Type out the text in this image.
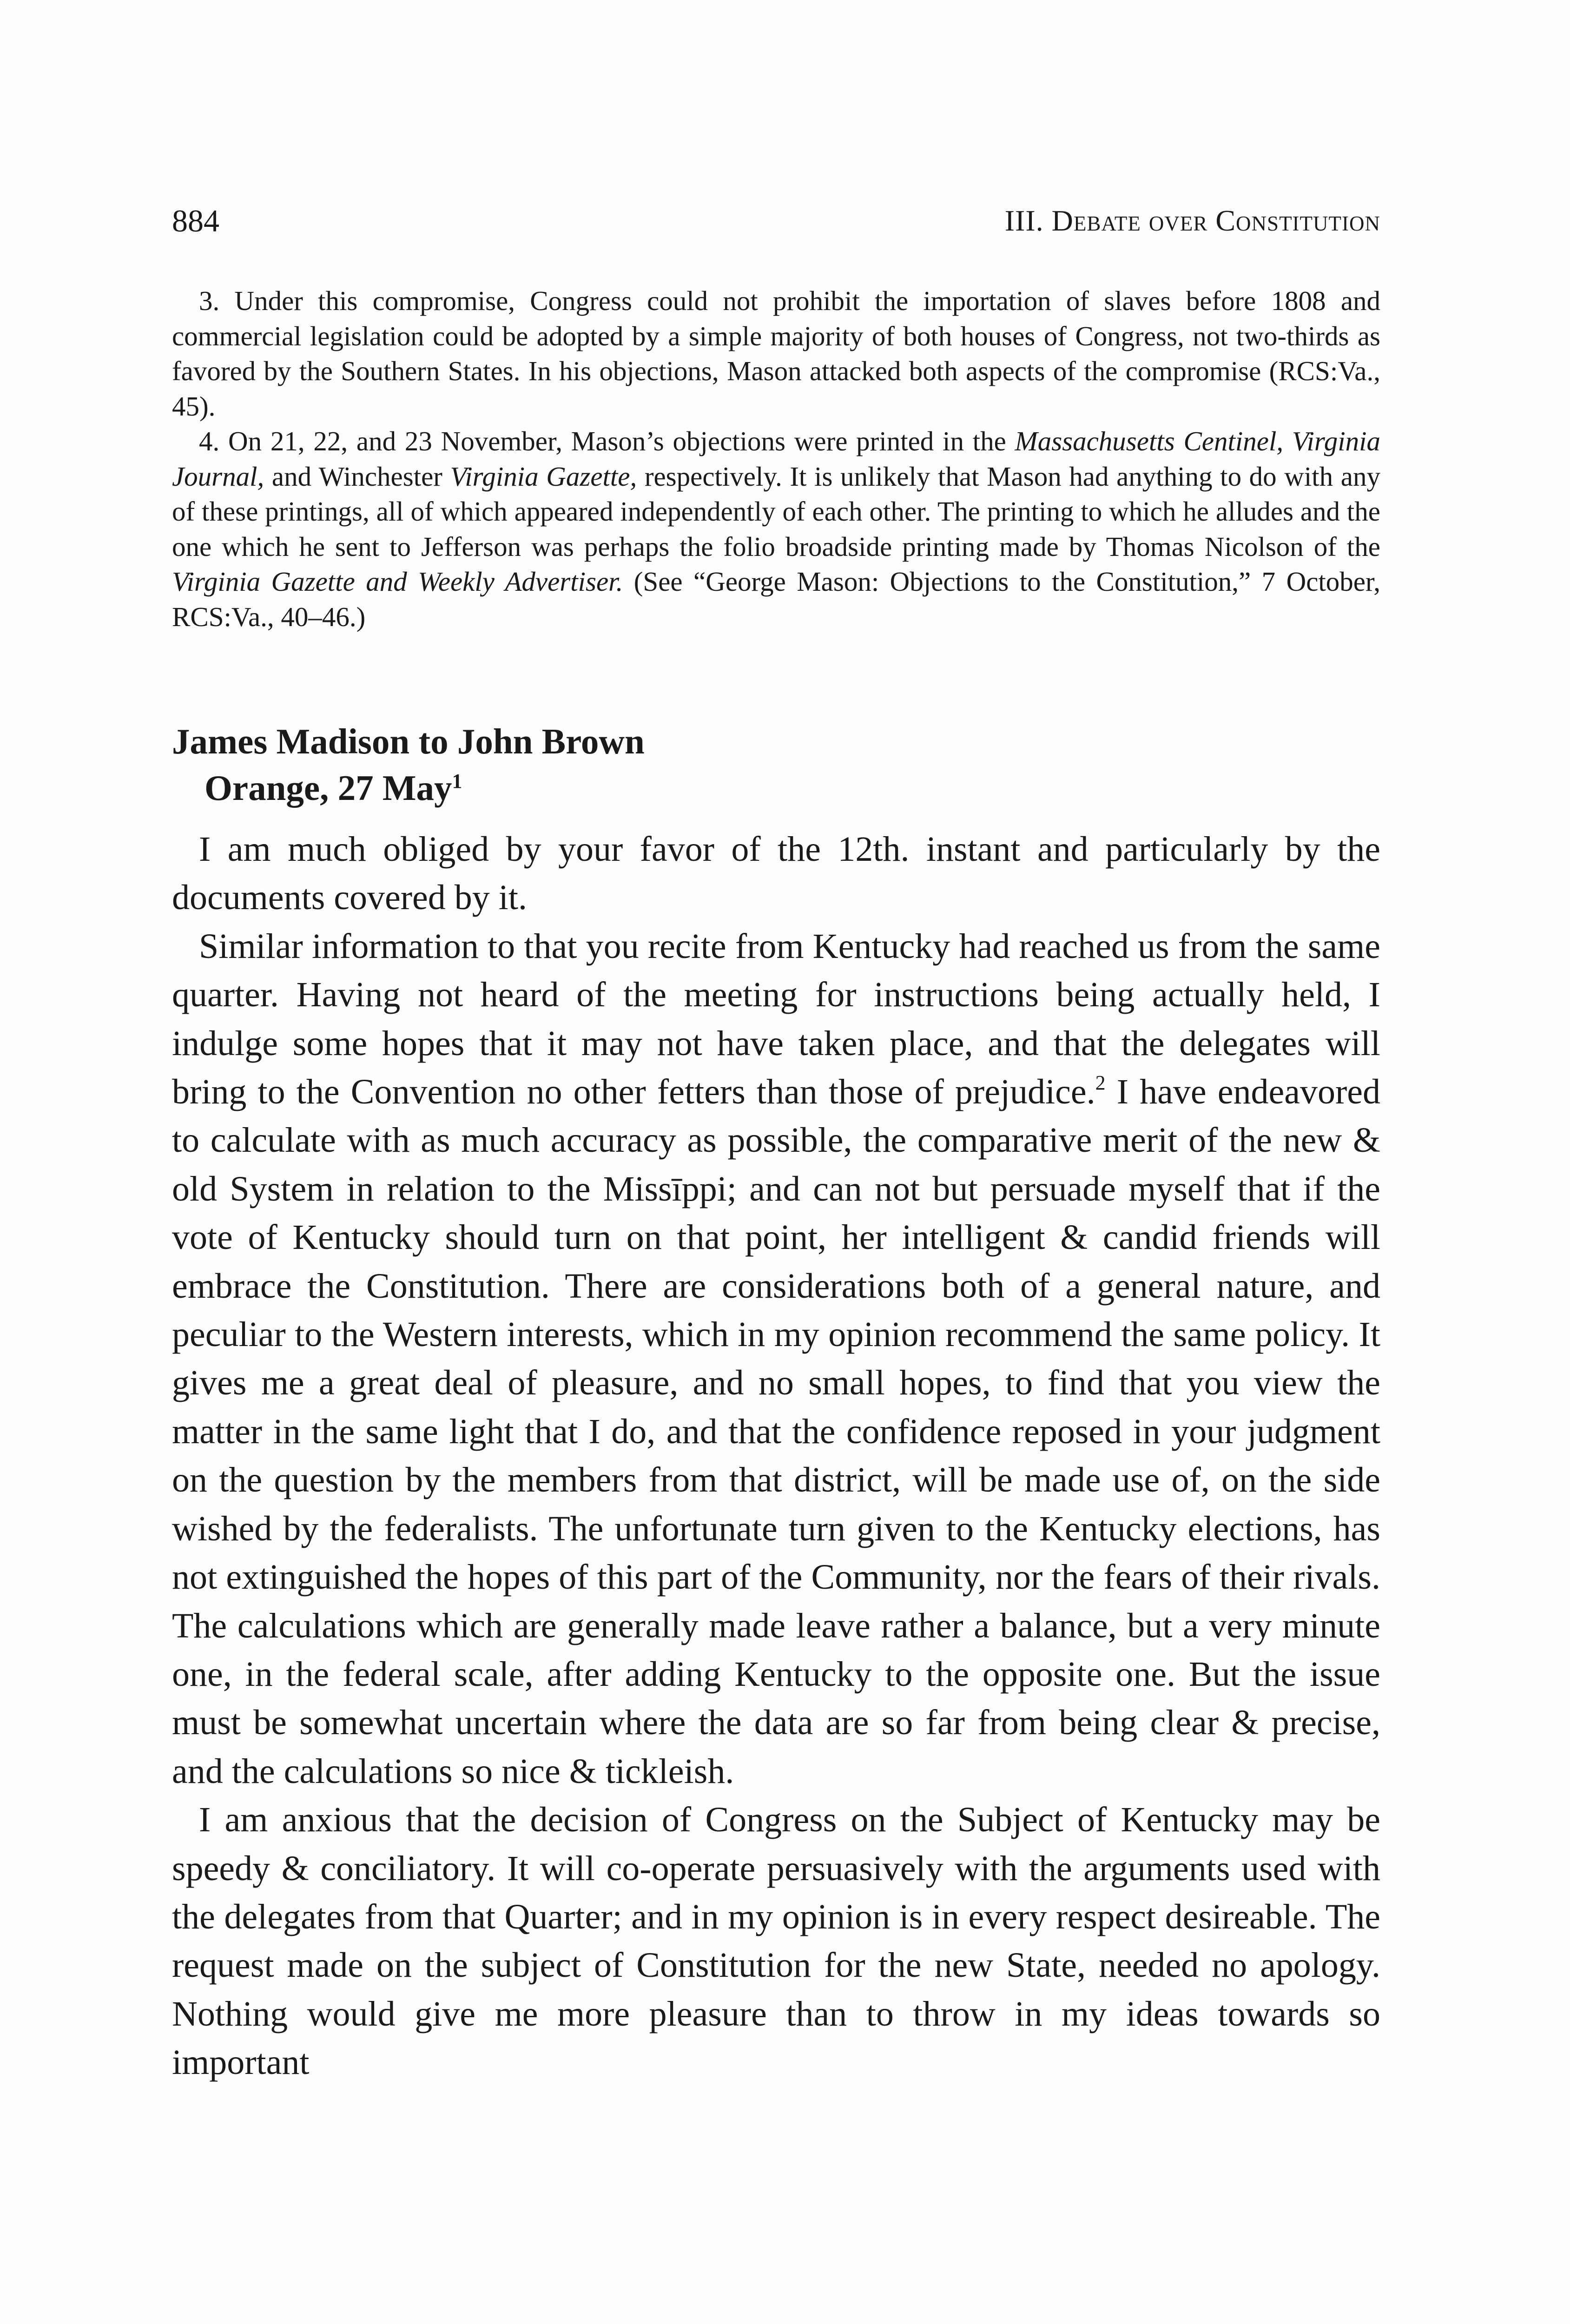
884	III. Debate over Constitution

3. Under this compromise, Congress could not prohibit the importation of slaves before 1808 and commercial legislation could be adopted by a simple majority of both houses of Congress, not two-thirds as favored by the Southern States. In his objections, Mason attacked both aspects of the compromise (RCS:Va., 45).

4. On 21, 22, and 23 November, Mason’s objections were printed in the Massachusetts Centinel, Virginia Journal, and Winchester Virginia Gazette, respectively. It is unlikely that Mason had anything to do with any of these printings, all of which appeared independently of each other. The printing to which he alludes and the one which he sent to Jefferson was perhaps the folio broadside printing made by Thomas Nicolson of the Virginia Gazette and Weekly Advertiser. (See “George Mason: Objections to the Constitution,” 7 October, RCS:Va., 40–46.)

James Madison to John Brown
Orange, 27 May$^1$

I am much obliged by your favor of the 12th. instant and particularly by the documents covered by it.

Similar information to that you recite from Kentucky had reached us from the same quarter. Having not heard of the meeting for instructions being actually held, I indulge some hopes that it may not have taken place, and that the delegates will bring to the Convention no other fetters than those of prejudice.$^2$ I have endeavored to calculate with as much accuracy as possible, the comparative merit of the new & old System in relation to the Missīppi; and can not but persuade myself that if the vote of Kentucky should turn on that point, her intelligent & candid friends will embrace the Constitution. There are considerations both of a general nature, and peculiar to the Western interests, which in my opinion recommend the same policy. It gives me a great deal of pleasure, and no small hopes, to find that you view the matter in the same light that I do, and that the confidence reposed in your judgment on the question by the members from that district, will be made use of, on the side wished by the federalists. The unfortunate turn given to the Kentucky elections, has not extinguished the hopes of this part of the Community, nor the fears of their rivals. The calculations which are generally made leave rather a balance, but a very minute one, in the federal scale, after adding Kentucky to the opposite one. But the issue must be somewhat uncertain where the data are so far from being clear & precise, and the calculations so nice & tickleish.

I am anxious that the decision of Congress on the Subject of Kentucky may be speedy & conciliatory. It will co-operate persuasively with the arguments used with the delegates from that Quarter; and in my opinion is in every respect desireable. The request made on the subject of Constitution for the new State, needed no apology. Nothing would give me more pleasure than to throw in my ideas towards so important
